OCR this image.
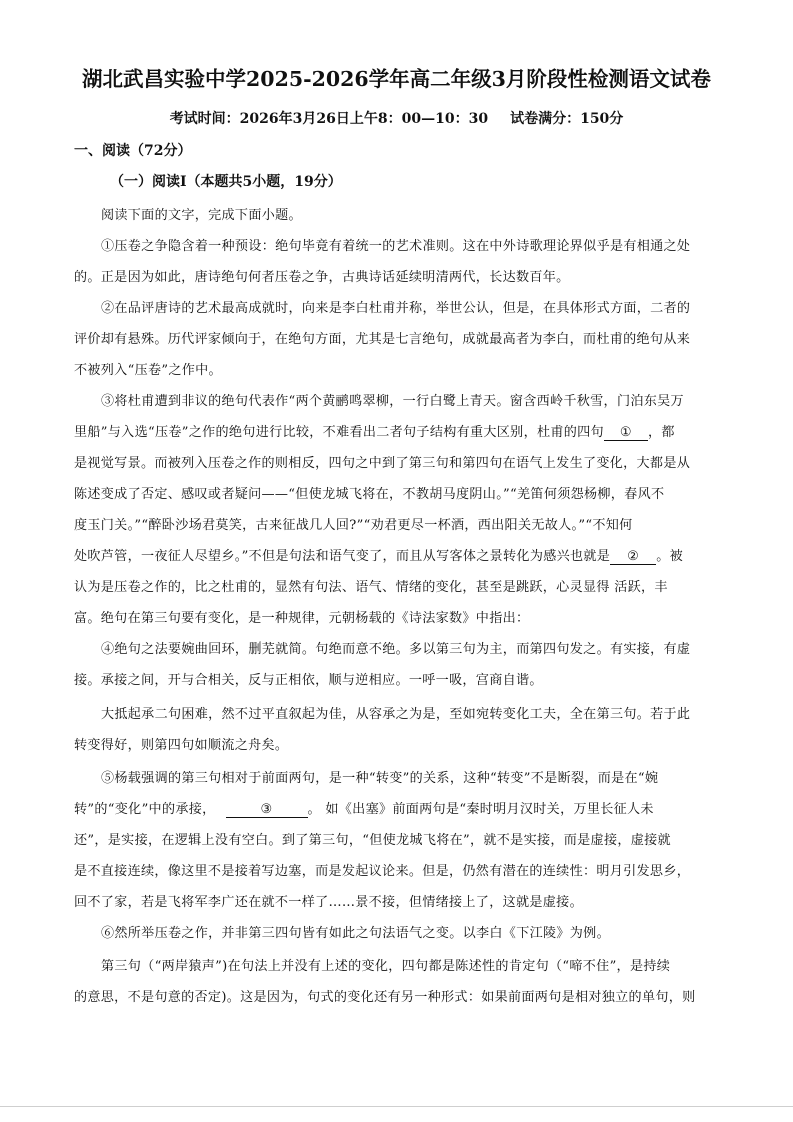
湖北武昌实验中学2025-2026学年高二年级3月阶段性检测语文试卷
考试时间：2026年3月26日上午8：00—10：30 试卷满分：150分
一、阅读（72分）
（一）阅读Ⅰ（本题共5小题，19分）
阅读下面的文字，完成下面小题。
①压卷之争隐含着一种预设：绝句毕竟有着统一的艺术准则。这在中外诗歌理论界似乎是有相通之处
的。正是因为如此，唐诗绝句何者压卷之争，古典诗话延续明清两代，长达数百年。
②在品评唐诗的艺术最高成就时，向来是李白杜甫并称，举世公认，但是，在具体形式方面，二者的
评价却有悬殊。历代评家倾向于，在绝句方面，尤其是七言绝句，成就最高者为李白，而杜甫的绝句从来
不被列入“压卷”之作中。
③将杜甫遭到非议的绝句代表作“两个黄鹂鸣翠柳，一行白鹭上青天。窗含西岭千秋雪，门泊东吴万
里船”与入选“压卷”之作的绝句进行比较，不难看出二者句子结构有重大区别，杜甫的四句 ① ，都
是视觉写景。而被列入压卷之作的则相反，四句之中到了第三句和第四句在语气上发生了变化，大都是从
陈述变成了否定、感叹或者疑问——“但使龙城飞将在，不教胡马度阴山。”“羌笛何须怨杨柳，春风不
度玉门关。”“醉卧沙场君莫笑，古来征战几人回?”“劝君更尽一杯酒，西出阳关无故人。”“不知何
处吹芦管，一夜征人尽望乡。”不但是句法和语气变了，而且从写客体之景转化为感兴也就是 ② 。被
认为是压卷之作的，比之杜甫的，显然有句法、语气、情绪的变化，甚至是跳跃，心灵显得 活跃，丰
富。绝句在第三句要有变化，是一种规律，元朝杨载的《诗法家数》中指出：
④绝句之法要婉曲回环，删芜就简。句绝而意不绝。多以第三句为主，而第四句发之。有实接，有虚
接。承接之间，开与合相关，反与正相依，顺与逆相应。一呼一吸，宫商自谐。
大抵起承二句困难，然不过平直叙起为佳，从容承之为是，至如宛转变化工夫，全在第三句。若于此
转变得好，则第四句如顺流之舟矣。
⑤杨载强调的第三句相对于前面两句，是一种“转变”的关系，这种“转变”不是断裂，而是在“婉
转”的“变化”中的承接，	③	。 如《出塞》前面两句是“秦时明月汉时关，万里长征人未
还”，是实接，在逻辑上没有空白。到了第三句，“但使龙城飞将在”，就不是实接，而是虚接，虚接就
是不直接连续，像这里不是接着写边塞，而是发起议论来。但是，仍然有潜在的连续性：明月引发思乡，
回不了家，若是飞将军李广还在就不一样了……景不接，但情绪接上了，这就是虚接。
⑥然所举压卷之作，并非第三四句皆有如此之句法语气之变。以李白《下江陵》为例。
第三句（“两岸猿声”)在句法上并没有上述的变化，四句都是陈述性的肯定句（“啼不住”，是持续
的意思，不是句意的否定)。这是因为，句式的变化还有另一种形式：如果前面两句是相对独立的单句，则
